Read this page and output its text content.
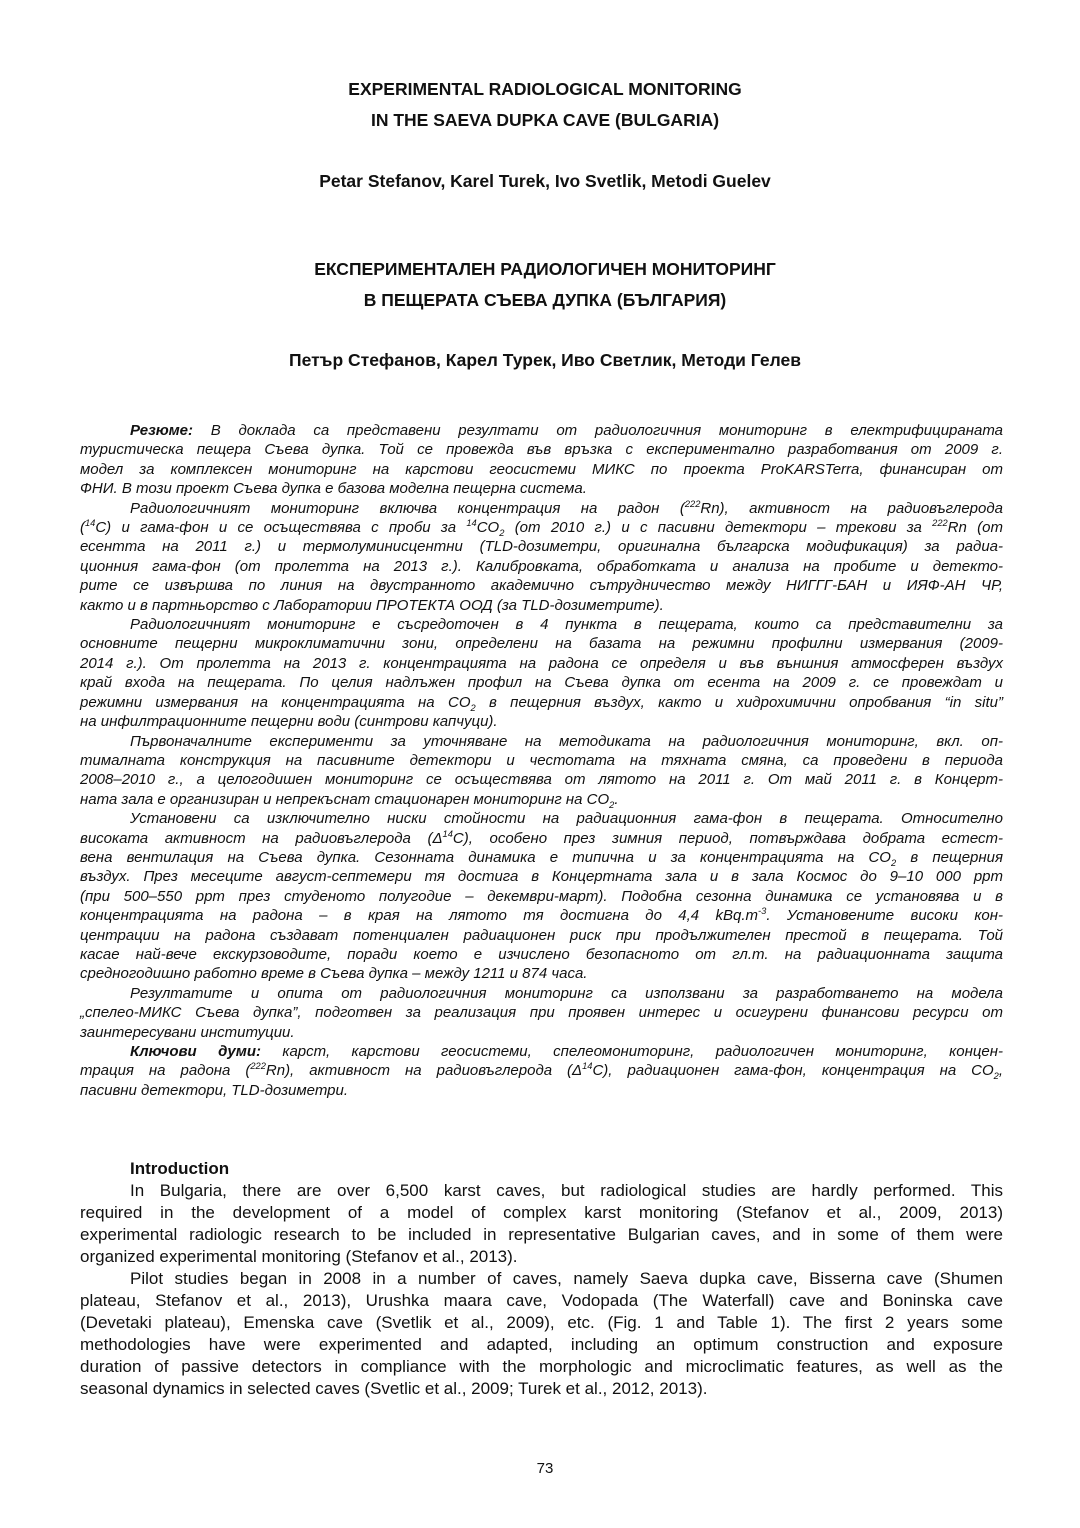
EXPERIMENTAL RADIOLOGICAL MONITORING
IN THE SAEVA DUPKA CAVE (BULGARIA)
Petar Stefanov, Karel Turek, Ivo Svetlik, Metodi Guelev
ЕКСПЕРИМЕНТАЛЕН РАДИОЛОГИЧЕН МОНИТОРИНГ
В ПЕЩЕРАТА СЪЕВА ДУПКА (БЪЛГАРИЯ)
Петър Стефанов, Карел Турек, Иво Светлик, Методи Гелев
Резюме: В доклада са представени резултати от радиологичния мониторинг в електрифицираната
туристическа пещера Съева дупка. Той се провежда във връзка с експериментално разработвания от 2009 г.
модел за комплексен мониторинг на карстови геосистеми МИКС по проекта ProKARSTerra, финансиран от
ФНИ. В този проект Съева дупка е базова моделна пещерна система.
Радиологичният мониторинг включва концентрация на радон ($^{222}$Rn), активност на радиовъглерода
($^{14}$C) и гама-фон и се осъществява с проби за $^{14}CO_2$ (от 2010 г.) и с пасивни детектори – трекови за $^{222}$Rn (от
есентта на 2011 г.) и термолуминисцентни (TLD-дозиметри, оригинална българска модификация) за радиа-
ционния гама-фон (от пролетта на 2013 г.). Калибровката, обработката и анализа на пробите и детекто-
рите се извършва по линия на двустранното академично сътрудничество между НИГГГ-БАН и ИЯФ-АН ЧР,
както и в партньорство с Лаборатории ПРОТЕКТА ООД (за TLD-дозиметрите).
Радиологичният мониторинг е съсредоточен в 4 пункта в пещерата, които са представителни за
основните пещерни микроклиматични зони, определени на базата на режимни профилни измервания (2009-
2014 г.). От пролетта на 2013 г. концентрацията на радона се определя и във външния атмосферен въздух
край входа на пещерата. По целия надлъжен профил на Съева дупка от есента на 2009 г. се провеждат и
режимни измервания на концентрацията на $CO_2$ в пещерния въздух, както и хидрохимични опробвания “in situ”
на инфилтрационните пещерни води (синтрови капчуци).
Първоначалните експерименти за уточняване на методиката на радиологичния мониторинг, вкл. оп-
тималната конструкция на пасивните детектори и честотата на тяхната смяна, са проведени в периода
2008–2010 г., а целогодишен мониторинг се осъществява от лятото на 2011 г. От май 2011 г. в Концерт-
ната зала е организиран и непрекъснат стационарен мониторинг на $CO_2$.
Установени са изключително ниски стойности на радиационния гама-фон в пещерата. Относително
високата активност на радиовъглерода $(\Delta^{14}C)$, особено през зимния период, потвърждава добрата естест-
вена вентилация на Съева дупка. Сезонната динамика е типична и за концентрацията на $CO_2$ в пещерния
въздух. През месеците август-септемери тя достига в Концертната зала и в зала Космос до 9–10 000 ppm
(при 500–550 ppm през студеното полугодие – декември-март). Подобна сезонна динамика се установява и в
концентрацията на радона – в края на лятото тя достигна до 4,4 $kBq.m^{-3}$. Установените високи кон-
центрации на радона създават потенциален радиационен риск при продължителен престой в пещерата. Той
касае най-вече екскурзоводите, поради което е изчислено безопасното от гл.т. на радиационната защита
средногодишно работно време в Съева дупка – между 1211 и 874 часа.
Резултатите и опита от радиологичния мониторинг са използвани за разработването на модела
„спелео-МИКС Съева дупка”, подготвен за реализация при проявен интерес и осигурени финансови ресурси от
заинтересувани институции.
Ключови думи: карст, карстови геосистеми, спелеомониторинг, радиологичен мониторинг, концен-
трация на радона ($^{222}$Rn), активност на радиовъглерода $(\Delta^{14}C)$, радиационен гама-фон, концентрация на $CO_2$,
пасивни детектори, TLD-дозиметри.
Introduction
In Bulgaria, there are over 6,500 karst caves, but radiological studies are hardly performed. This
required in the development of a model of complex karst monitoring (Stefanov et al., 2009, 2013)
experimental radiologic research to be included in representative Bulgarian caves, and in some of them were
organized experimental monitoring (Stefanov et al., 2013).
Pilot studies began in 2008 in a number of caves, namely Saeva dupka cave, Bisserna cave (Shumen
plateau, Stefanov et al., 2013), Urushka maara cave, Vodopada (The Waterfall) cave and Boninska cave
(Devetaki plateau), Emenska cave (Svetlik et al., 2009), etc. (Fig. 1 and Table 1). The first 2 years some
methodologies have were experimented and adapted, including an optimum construction and exposure
duration of passive detectors in compliance with the morphologic and microclimatic features, as well as the
seasonal dynamics in selected caves (Svetlic et al., 2009; Turek et al., 2012, 2013).
73
